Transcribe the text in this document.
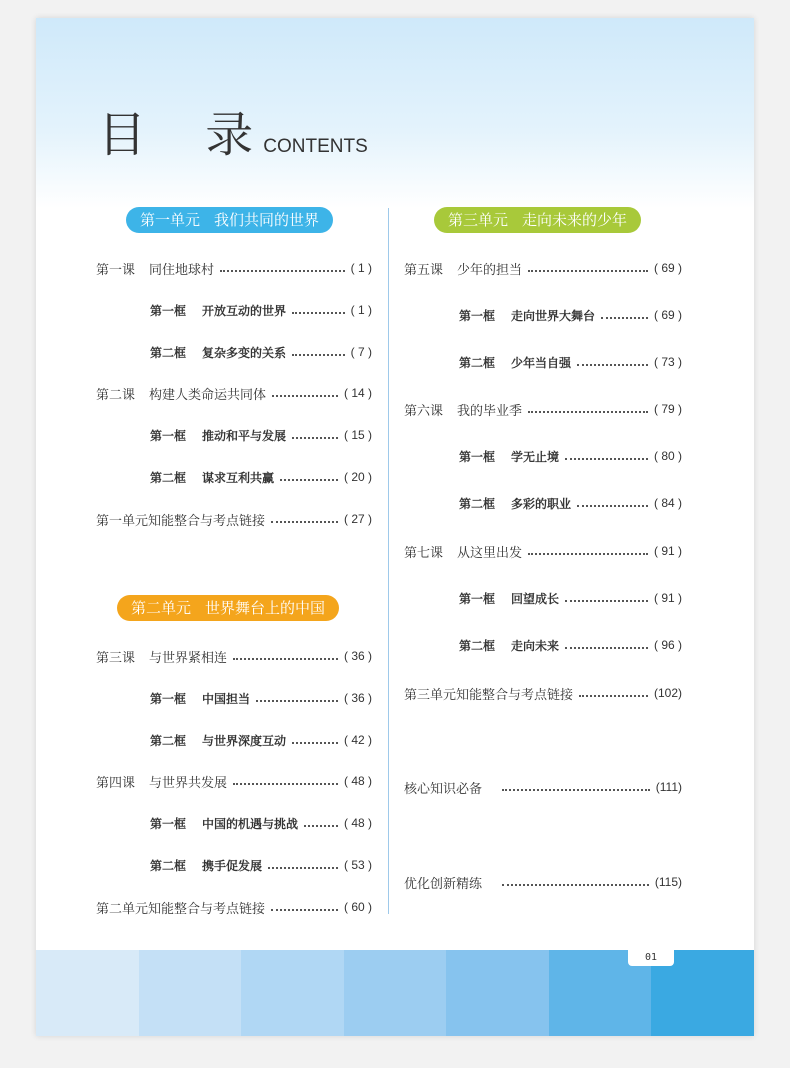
目 录
CONTENTS
第一单元 我们共同的世界
第二单元 世界舞台上的中国
第三单元 走向未来的少年
第一课 同住地球村	( 1 )
第一框 开放互动的世界	( 1 )
第二框 复杂多变的关系	( 7 )
第二课 构建人类命运共同体	( 14 )
第一框 推动和平与发展	( 15 )
第二框 谋求互利共赢	( 20 )
第一单元知能整合与考点链接	( 27 )
第三课 与世界紧相连	( 36 )
第一框 中国担当	( 36 )
第二框 与世界深度互动	( 42 )
第四课 与世界共发展	( 48 )
第一框 中国的机遇与挑战	( 48 )
第二框 携手促发展	( 53 )
第二单元知能整合与考点链接	( 60 )
第五课 少年的担当	( 69 )
第一框 走向世界大舞台	( 69 )
第二框 少年当自强	( 73 )
第六课 我的毕业季	( 79 )
第一框 学无止境	( 80 )
第二框 多彩的职业	( 84 )
第七课 从这里出发	( 91 )
第一框 回望成长	( 91 )
第二框 走向未来	( 96 )
第三单元知能整合与考点链接	(102)
核心知识必备	(111)
优化创新精练	(115)
01
